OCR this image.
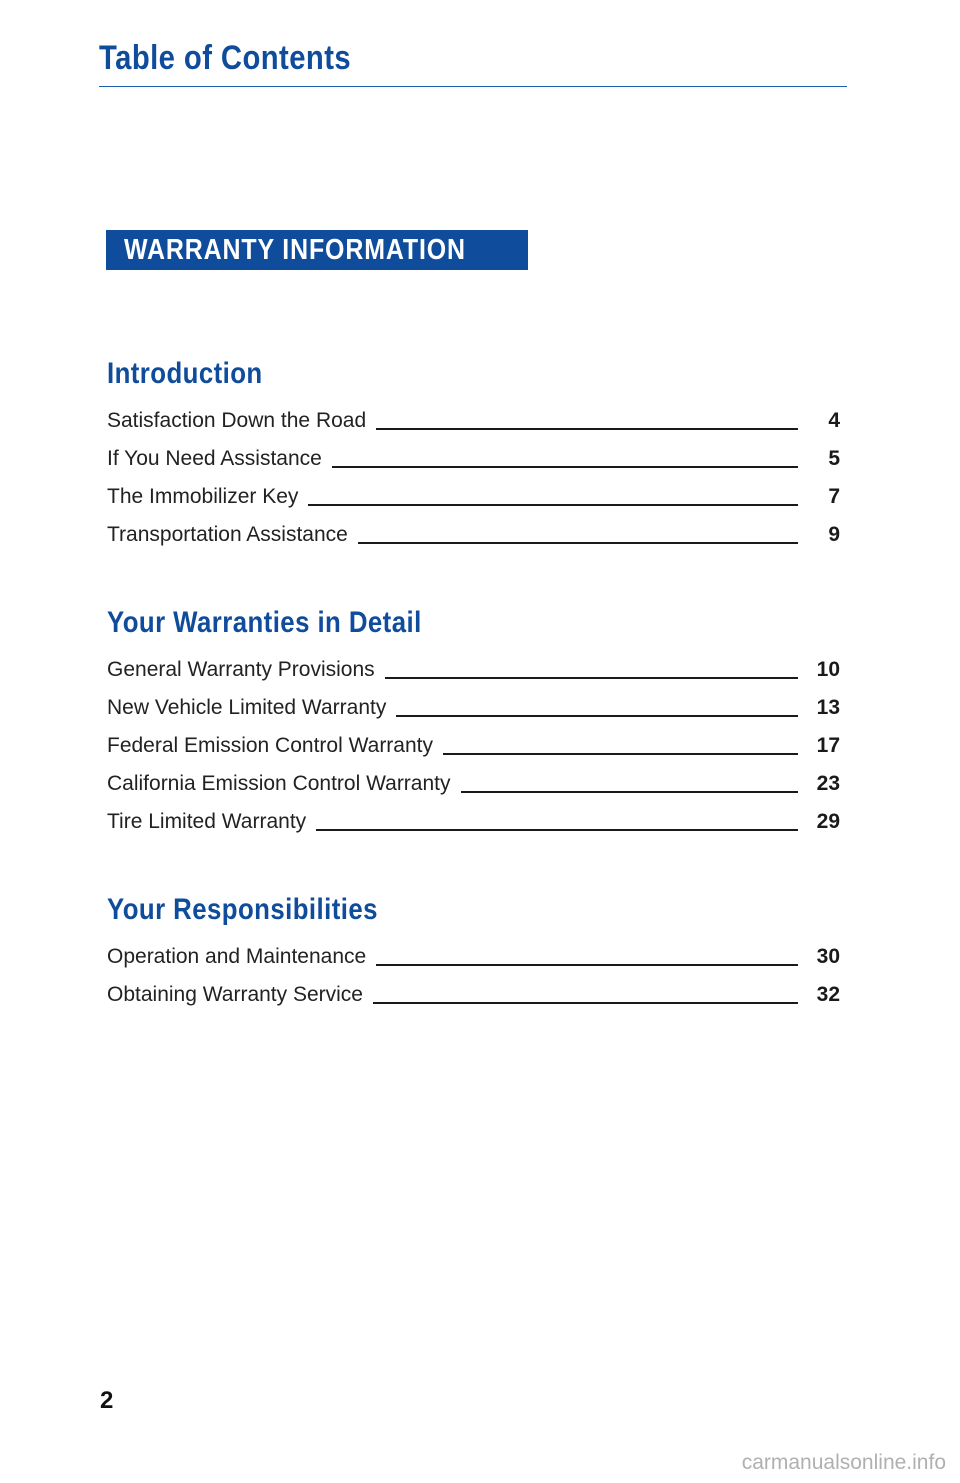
Table of Contents
WARRANTY INFORMATION
Introduction
Satisfaction Down the Road	4
If You Need Assistance	5
The Immobilizer Key	7
Transportation Assistance	9
Your Warranties in Detail
General Warranty Provisions	10
New Vehicle Limited Warranty	13
Federal Emission Control Warranty	17
California Emission Control Warranty	23
Tire Limited Warranty	29
Your Responsibilities
Operation and Maintenance	30
Obtaining Warranty Service	32
2
carmanualsonline.info
